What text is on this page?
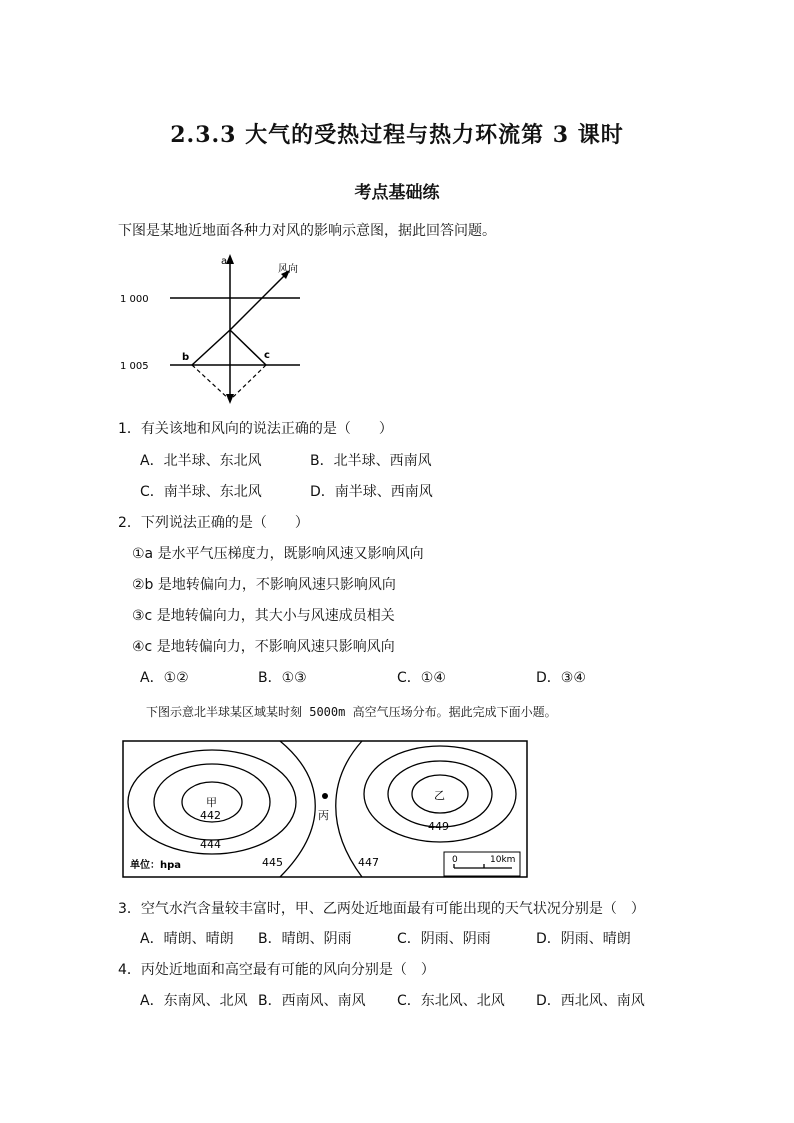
2.3.3 大气的受热过程与热力环流第 3 课时
考点基础练
下图是某地近地面各种力对风的影响示意图，据此回答问题。
a
风向
1 000
1 005
b	c
1．有关该地和风向的说法正确的是（　　）
A．北半球、东北风	B．北半球、西南风
C．南半球、东北风	D．南半球、西南风
2．下列说法正确的是（　　）
①a 是水平气压梯度力，既影响风速又影响风向
②b 是地转偏向力，不影响风速只影响风向
③c 是地转偏向力，其大小与风速成员相关
④c 是地转偏向力，不影响风速只影响风向
A．①②	B．①③	C．①④	D．③④
下图示意北半球某区域某时刻 5000m 高空气压场分布。据此完成下面小题。
丙
甲
442
444
乙
449
445	447
单位：hpa	0	10km
3．空气水汽含量较丰富时，甲、乙两处近地面最有可能出现的天气状况分别是（　）
A．晴朗、晴朗 B．晴朗、阴雨	C．阴雨、阴雨	D．阴雨、晴朗
4．丙处近地面和高空最有可能的风向分别是（　）
A．东南风、北风 B．西南风、南风 C．东北风、北风 D．西北风、南风
